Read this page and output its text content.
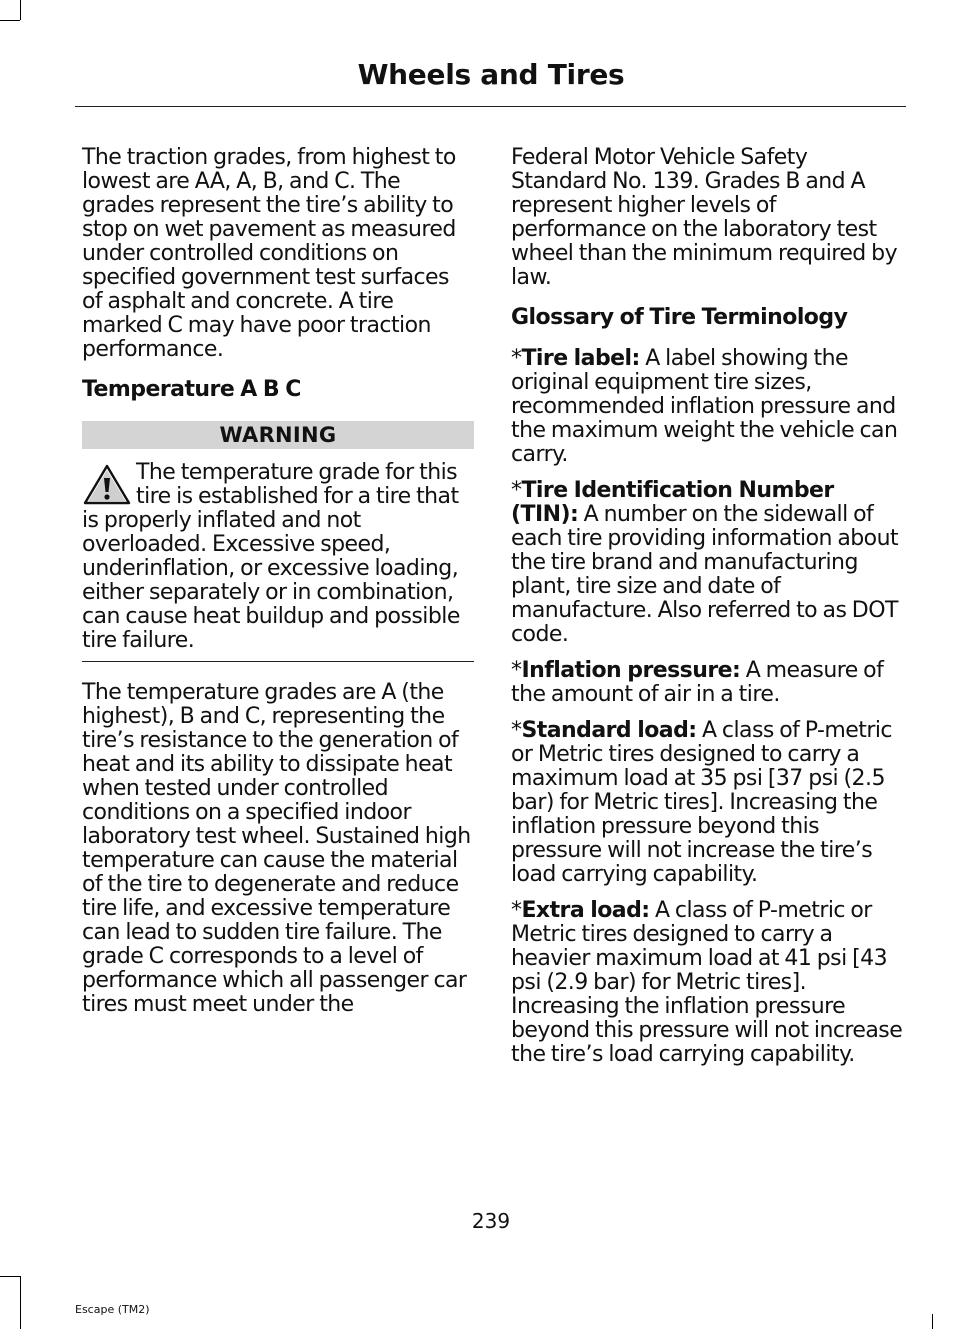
Wheels and Tires

The traction grades, from highest to lowest are AA, A, B, and C. The grades represent the tire’s ability to stop on wet pavement as measured under controlled conditions on specified government test surfaces of asphalt and concrete. A tire marked C may have poor traction performance.

Temperature A B C

WARNING

The temperature grade for this tire is established for a tire that is properly inflated and not overloaded. Excessive speed, underinflation, or excessive loading, either separately or in combination, can cause heat buildup and possible tire failure.

The temperature grades are A (the highest), B and C, representing the tire’s resistance to the generation of heat and its ability to dissipate heat when tested under controlled conditions on a specified indoor laboratory test wheel. Sustained high temperature can cause the material of the tire to degenerate and reduce tire life, and excessive temperature can lead to sudden tire failure. The grade C corresponds to a level of performance which all passenger car tires must meet under the

Federal Motor Vehicle Safety Standard No. 139. Grades B and A represent higher levels of performance on the laboratory test wheel than the minimum required by law.

Glossary of Tire Terminology

*Tire label: A label showing the original equipment tire sizes, recommended inflation pressure and the maximum weight the vehicle can carry.

*Tire Identification Number (TIN): A number on the sidewall of each tire providing information about the tire brand and manufacturing plant, tire size and date of manufacture. Also referred to as DOT code.

*Inflation pressure: A measure of the amount of air in a tire.

*Standard load: A class of P-metric or Metric tires designed to carry a maximum load at 35 psi [37 psi (2.5 bar) for Metric tires]. Increasing the inflation pressure beyond this pressure will not increase the tire’s load carrying capability.

*Extra load: A class of P-metric or Metric tires designed to carry a heavier maximum load at 41 psi [43 psi (2.9 bar) for Metric tires]. Increasing the inflation pressure beyond this pressure will not increase the tire’s load carrying capability.

239
Escape (TM2)
